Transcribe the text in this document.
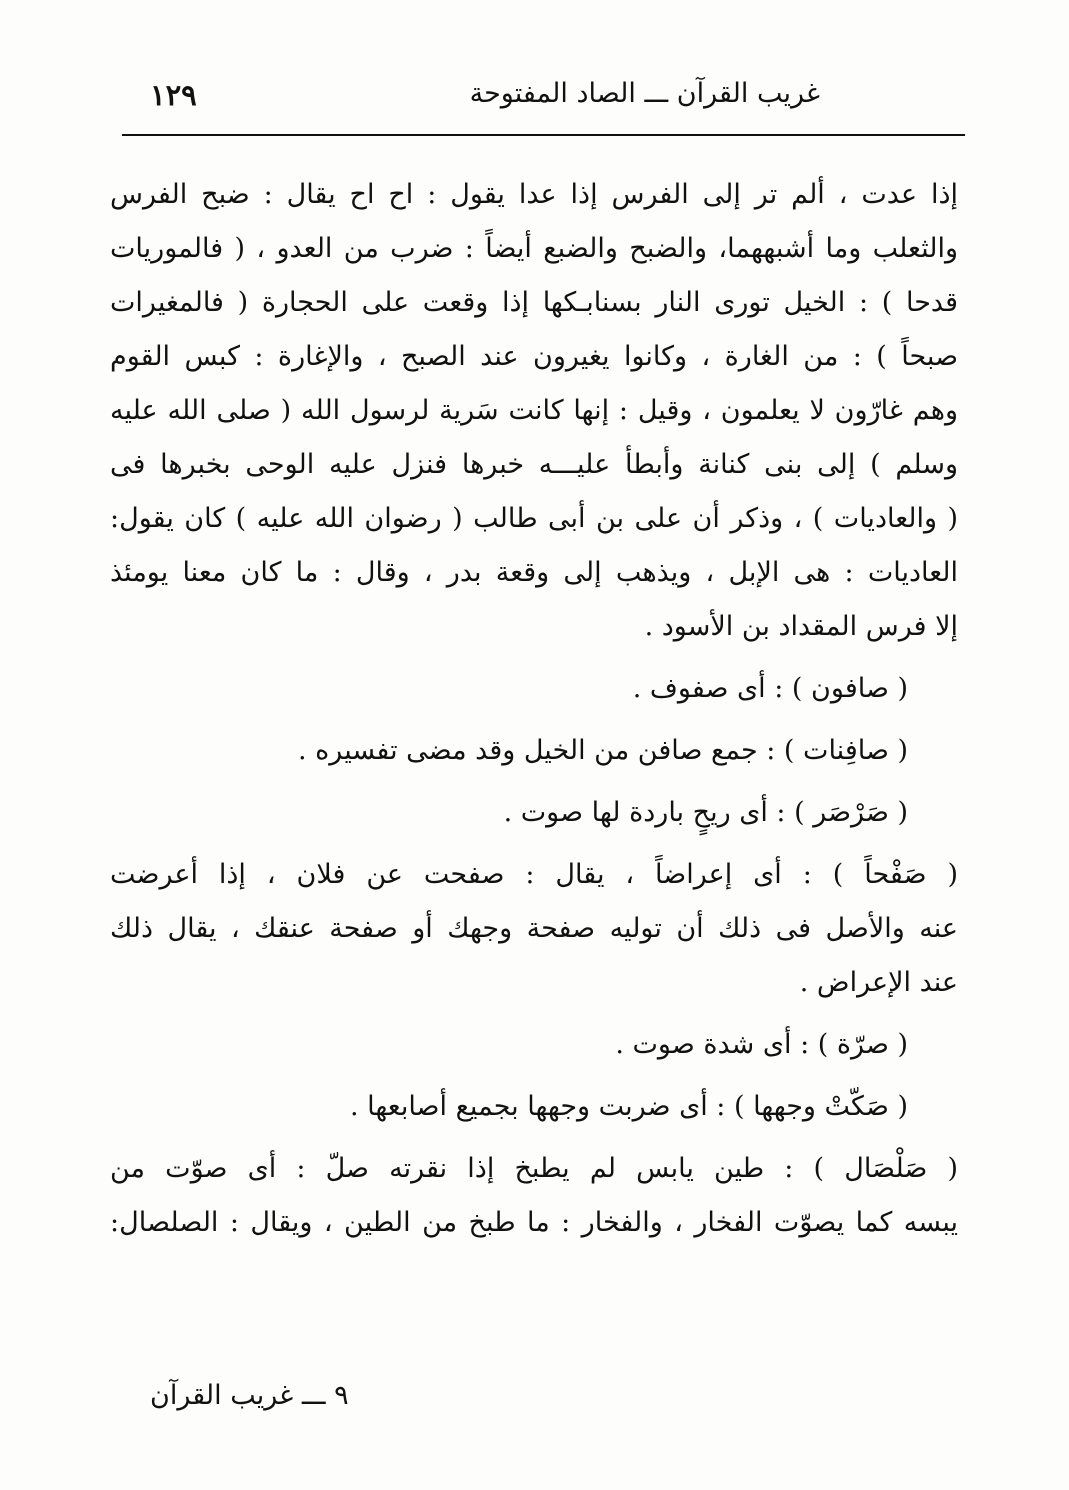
غريب القرآن ـــ الصاد المفتوحة
١٢٩
إذا عدت ، ألم تر إلى الفرس إذا عدا يقول : اح اح يقال : ضبح الفرس
والثعلب وما أشبههما، والضبح والضبع أيضاً : ضرب من العدو ، ( فالموريات
قدحا ) : الخيل تورى النار بسنابـكها إذا وقعت على الحجارة ( فالمغيرات
صبحاً ) : من الغارة ، وكانوا يغيرون عند الصبح ، والإغارة : كبس القوم
وهم غارّون لا يعلمون ، وقيل : إنها كانت سَرية لرسول الله ( صلى الله عليه
وسلم ) إلى بنى كنانة وأبطأ عليـــه خبرها فنزل عليه الوحى بخبرها فى
( والعاديات ) ، وذكر أن على بن أبى طالب ( رضوان الله عليه ) كان يقول:
العاديات : هى الإبل ، ويذهب إلى وقعة بدر ، وقال : ما كان معنا يومئذ
إلا فرس المقداد بن الأسود .
( صافون ) : أى صفوف .
( صافِنات ) : جمع صافن من الخيل وقد مضى تفسيره .
( صَرْصَر ) : أى ريحٍ باردة لها صوت .
( صَفْحاً ) : أى إعراضاً ، يقال : صفحت عن فلان ، إذا أعرضت
عنه والأصل فى ذلك أن توليه صفحة وجهك أو صفحة عنقك ، يقال ذلك
عند الإعراض .
( صرّة ) : أى شدة صوت .
( صَكّتْ وجهها ) : أى ضربت وجهها بجميع أصابعها .
( صَلْصَال ) : طين يابس لم يطبخ إذا نقرته صلّ : أى صوّت من
يبسه كما يصوّت الفخار ، والفخار : ما طبخ من الطين ، ويقال : الصلصال:
٩ ـــ غريب القرآن
